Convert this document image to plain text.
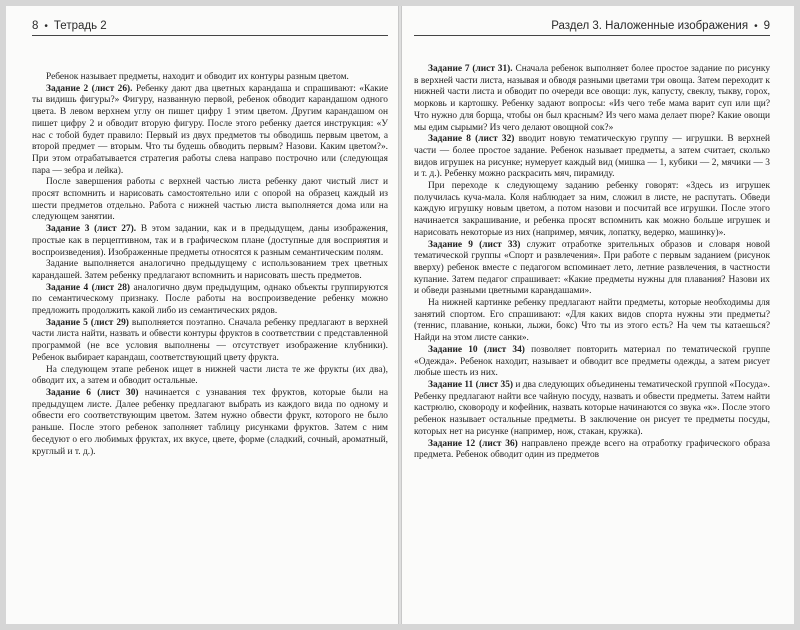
8 • Тетрадь 2

Ребенок называет предметы, находит и обводит их контуры разным цветом.

Задание 2 (лист 26). Ребенку дают два цветных карандаша и спрашивают: «Какие ты видишь фигуры?» Фигуру, названную первой, ребенок обводит карандашом одного цвета. В левом верхнем углу он пишет цифру 1 этим цветом. Другим карандашом он пишет цифру 2 и обводит вторую фигуру. После этого ребенку дается инструкция: «У нас с тобой будет правило: Первый из двух предметов ты обводишь первым цветом, а второй предмет — вторым. Что ты будешь обводить первым? Назови. Каким цветом?». При этом отрабатывается стратегия работы слева направо построчно или (следующая пара — зебра и лейка).

После завершения работы с верхней частью листа ребенку дают чистый лист и просят вспомнить и нарисовать самостоятельно или с опорой на образец каждый из шести предметов отдельно. Работа с нижней частью листа выполняется дома или на следующем занятии.

Задание 3 (лист 27). В этом задании, как и в предыдущем, даны изображения, простые как в перцептивном, так и в графическом плане (доступные для восприятия и воспроизведения). Изображенные предметы относятся к разным семантическим полям.

Задание выполняется аналогично предыдущему с использованием трех цветных карандашей. Затем ребенку предлагают вспомнить и нарисовать шесть предметов.

Задание 4 (лист 28) аналогично двум предыдущим, однако объекты группируются по семантическому признаку. После работы на воспроизведение ребенку можно предложить продолжить какой либо из семантических рядов.

Задание 5 (лист 29) выполняется поэтапно. Сначала ребенку предлагают в верхней части листа найти, назвать и обвести контуры фруктов в соответствии с представленной программой (не все условия выполнены — отсутствует изображение клубники). Ребенок выбирает карандаш, соответствующий цвету фрукта.

На следующем этапе ребенок ищет в нижней части листа те же фрукты (их два), обводит их, а затем и обводит остальные.

Задание 6 (лист 30) начинается с узнавания тех фруктов, которые были на предыдущем листе. Далее ребенку предлагают выбрать из каждого вида по одному и обвести его соответствующим цветом. Затем нужно обвести фрукт, которого не было раньше. После этого ребенок заполняет таблицу рисунками фруктов. Затем с ним беседуют о его любимых фруктах, их вкусе, цвете, форме (сладкий, сочный, ароматный, круглый и т. д.).

Раздел 3. Наложенные изображения • 9

Задание 7 (лист 31). Сначала ребенок выполняет более простое задание по рисунку в верхней части листа, называя и обводя разными цветами три овоща. Затем переходит к нижней части листа и обводит по очереди все овощи: лук, капусту, свеклу, тыкву, горох, морковь и картошку. Ребенку задают вопросы: «Из чего тебе мама варит суп или щи? Что нужно для борща, чтобы он был красным? Из чего мама делает пюре? Какие овощи мы едим сырыми? Из чего делают овощной сок?»

Задание 8 (лист 32) вводит новую тематическую группу — игрушки. В верхней части — более простое задание. Ребенок называет предметы, а затем считает, сколько видов игрушек на рисунке; нумерует каждый вид (мишка — 1, кубики — 2, мячики — 3 и т. д.). Ребенку можно раскрасить мяч, пирамиду.

При переходе к следующему заданию ребенку говорят: «Здесь из игрушек получилась куча-мала. Коля наблюдает за ним, сложил в листе, не распутать. Обведи каждую игрушку новым цветом, а потом назови и посчитай все игрушки. После этого начинается закрашивание, и ребенка просят вспомнить как можно больше игрушек и нарисовать некоторые из них (например, мячик, лопатку, ведерко, машинку)».

Задание 9 (лист 33) служит отработке зрительных образов и словаря новой тематической группы «Спорт и развлечения». При работе с первым заданием (рисунок вверху) ребенок вместе с педагогом вспоминает лето, летние развлечения, в частности купание. Затем педагог спрашивает: «Какие предметы нужны для плавания? Назови их и обведи разными цветными карандашами».

На нижней картинке ребенку предлагают найти предметы, которые необходимы для занятий спортом. Его спрашивают: «Для каких видов спорта нужны эти предметы? (теннис, плавание, коньки, лыжи, бокс) Что ты из этого есть? На чем ты катаешься? Найди на этом листе санки».

Задание 10 (лист 34) позволяет повторить материал по тематической группе «Одежда». Ребенок находит, называет и обводит все предметы одежды, а затем рисует любые шесть из них.

Задание 11 (лист 35) и два следующих объединены тематической группой «Посуда». Ребенку предлагают найти все чайную посуду, назвать и обвести предметы. Затем найти кастрюлю, сковороду и кофейник, назвать которые начинаются со звука «к». После этого ребенок называет остальные предметы. В заключение он рисует те предметы посуды, которых нет на рисунке (например, нож, стакан, кружка).

Задание 12 (лист 36) направлено прежде всего на отработку графического образа предмета. Ребенок обводит один из предметов
